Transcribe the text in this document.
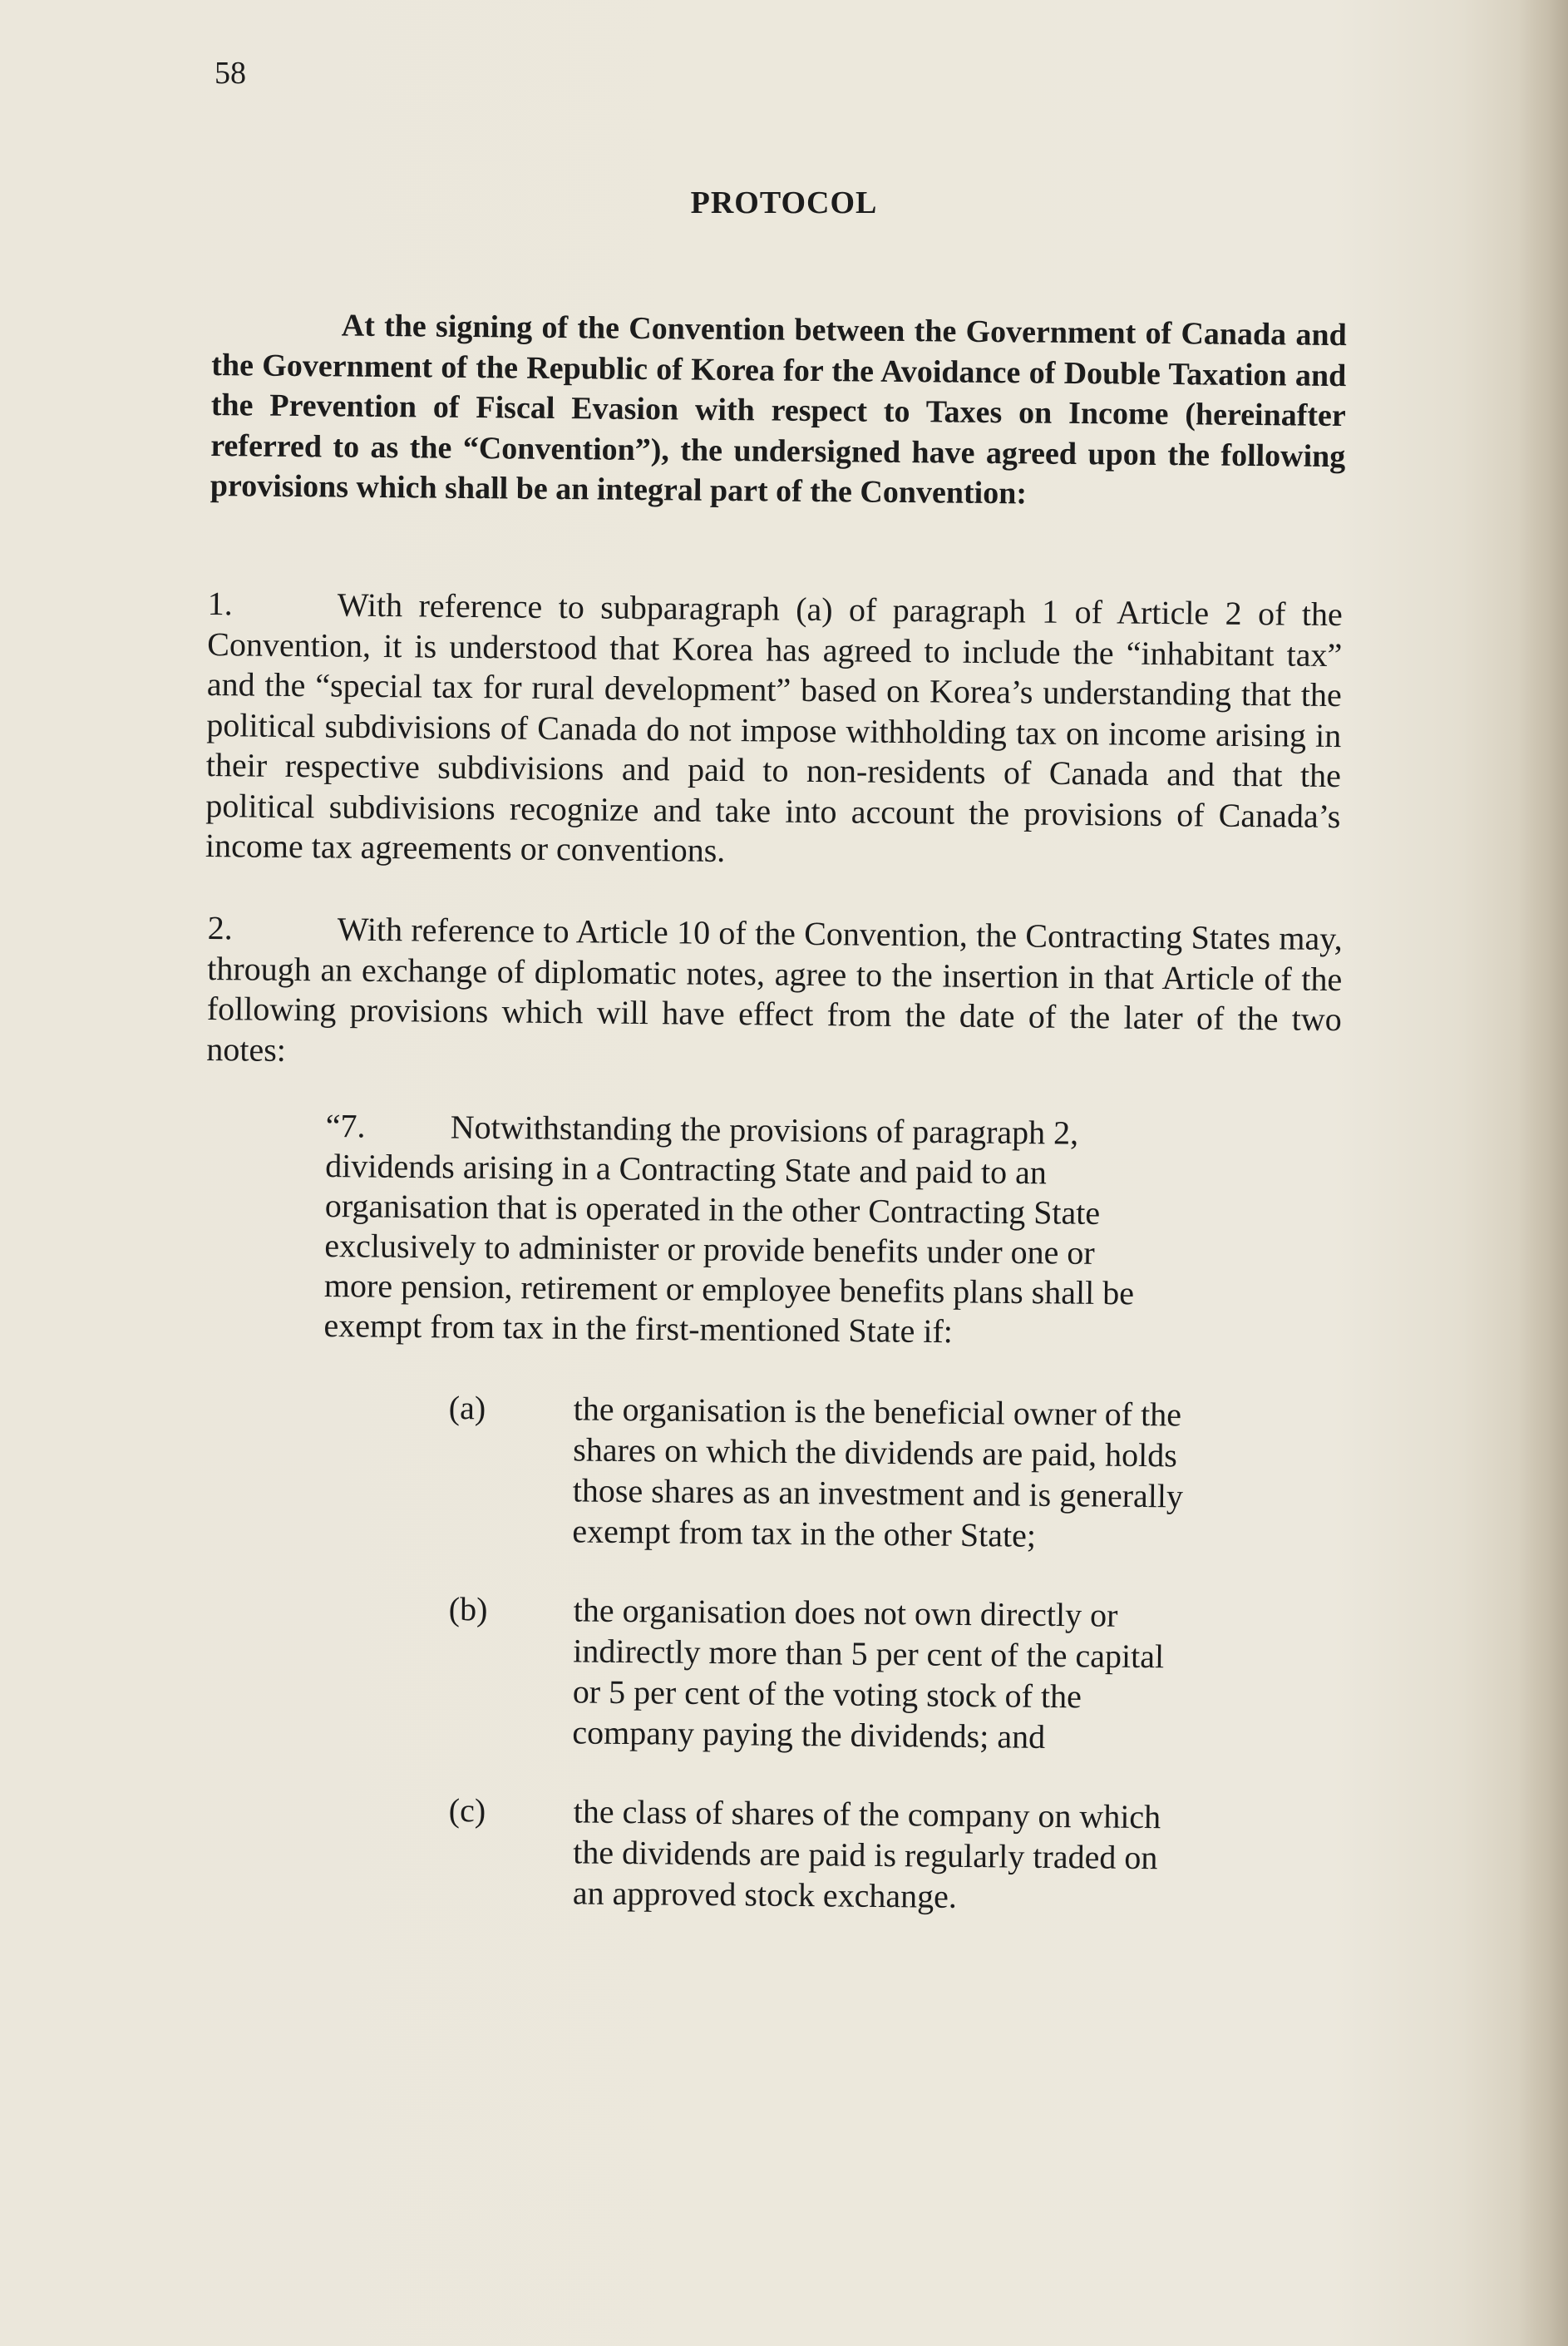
58
PROTOCOL
At the signing of the Convention between the Government of Canada and the Government of the Republic of Korea for the Avoidance of Double Taxation and the Prevention of Fiscal Evasion with respect to Taxes on Income (hereinafter referred to as the “Convention”), the undersigned have agreed upon the following provisions which shall be an integral part of the Convention:
1.	With reference to subparagraph (a) of paragraph 1 of Article 2 of the Convention, it is understood that Korea has agreed to include the “inhabitant tax” and the “special tax for rural development” based on Korea’s understanding that the political subdivisions of Canada do not impose withholding tax on income arising in their respective subdivisions and paid to non-residents of Canada and that the political subdivisions recognize and take into account the provisions of Canada’s income tax agreements or conventions.
2.	With reference to Article 10 of the Convention, the Contracting States may, through an exchange of diplomatic notes, agree to the insertion in that Article of the following provisions which will have effect from the date of the later of the two notes:
“7.	Notwithstanding the provisions of paragraph 2, dividends arising in a Contracting State and paid to an organisation that is operated in the other Contracting State exclusively to administer or provide benefits under one or more pension, retirement or employee benefits plans shall be exempt from tax in the first-mentioned State if:
(a)	the organisation is the beneficial owner of the shares on which the dividends are paid, holds those shares as an investment and is generally exempt from tax in the other State;
(b)	the organisation does not own directly or indirectly more than 5 per cent of the capital or 5 per cent of the voting stock of the company paying the dividends; and
(c)	the class of shares of the company on which the dividends are paid is regularly traded on an approved stock exchange.
